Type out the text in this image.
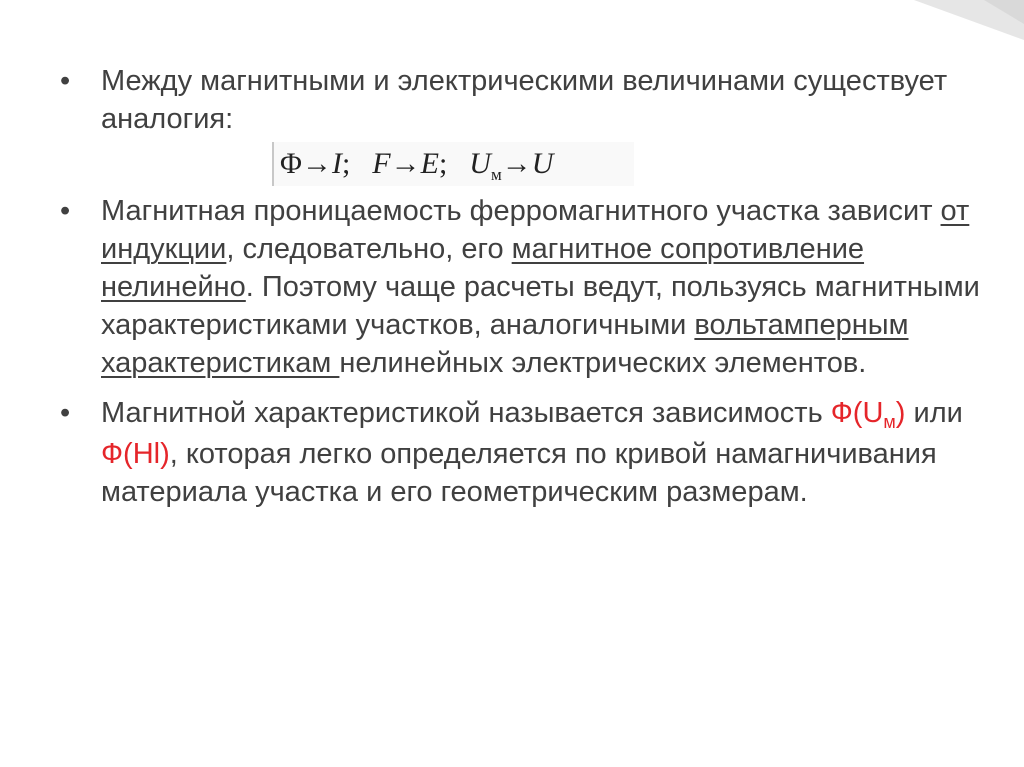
•	Между магнитными и электрическими величинами существует аналогия:
Φ→I; F→E; $U_м\to U$
•	Магнитная проницаемость ферромагнитного участка зависит от индукции, следовательно, его магнитное сопротивление нелинейно. Поэтому чаще расчеты ведут, пользуясь магнитными характеристиками участков, аналогичными вольтамперным характеристикам нелинейных электрических элементов.
•	Магнитной характеристикой называется зависимость $Ф(U_м)$ или Ф(Hl), которая легко определяется по кривой намагничивания материала участка и его геометрическим размерам.
